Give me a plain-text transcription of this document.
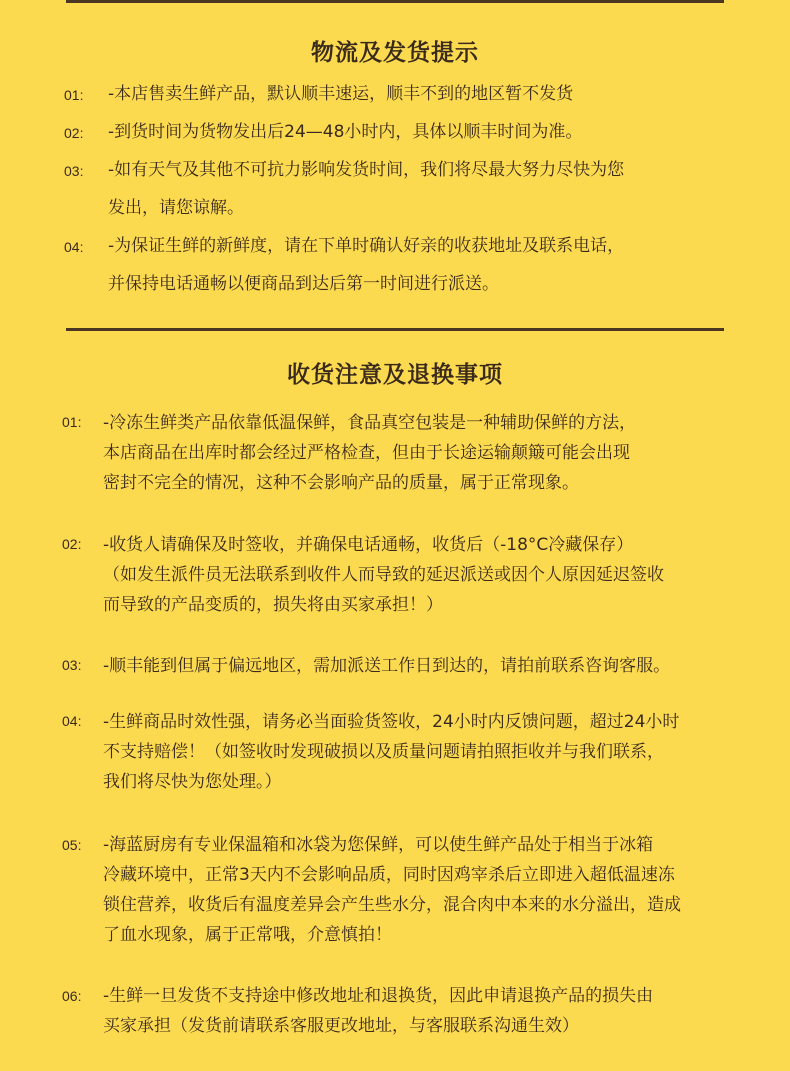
物流及发货提示
01: -本店售卖生鲜产品，默认顺丰速运，顺丰不到的地区暂不发货
02: -到货时间为货物发出后24—48小时内，具体以顺丰时间为准。
03: -如有天气及其他不可抗力影响发货时间，我们将尽最大努力尽快为您
发出，请您谅解。
04: -为保证生鲜的新鲜度，请在下单时确认好亲的收获地址及联系电话，
并保持电话通畅以便商品到达后第一时间进行派送。
收货注意及退换事项
01: -冷冻生鲜类产品依靠低温保鲜，食品真空包装是一种辅助保鲜的方法，
本店商品在出库时都会经过严格检查，但由于长途运输颠簸可能会出现
密封不完全的情况，这种不会影响产品的质量，属于正常现象。
02: -收货人请确保及时签收，并确保电话通畅，收货后（-18°C冷藏保存）
（如发生派件员无法联系到收件人而导致的延迟派送或因个人原因延迟签收
而导致的产品变质的，损失将由买家承担！）
03: -顺丰能到但属于偏远地区，需加派送工作日到达的，请拍前联系咨询客服。
04: -生鲜商品时效性强，请务必当面验货签收，24小时内反馈问题，超过24小时
不支持赔偿！（如签收时发现破损以及质量问题请拍照拒收并与我们联系，
我们将尽快为您处理。）
05: -海蓝厨房有专业保温箱和冰袋为您保鲜，可以使生鲜产品处于相当于冰箱
冷藏环境中，正常3天内不会影响品质，同时因鸡宰杀后立即进入超低温速冻
锁住营养，收货后有温度差异会产生些水分，混合肉中本来的水分溢出，造成
了血水现象，属于正常哦，介意慎拍！
06: -生鲜一旦发货不支持途中修改地址和退换货，因此申请退换产品的损失由
买家承担（发货前请联系客服更改地址，与客服联系沟通生效）
